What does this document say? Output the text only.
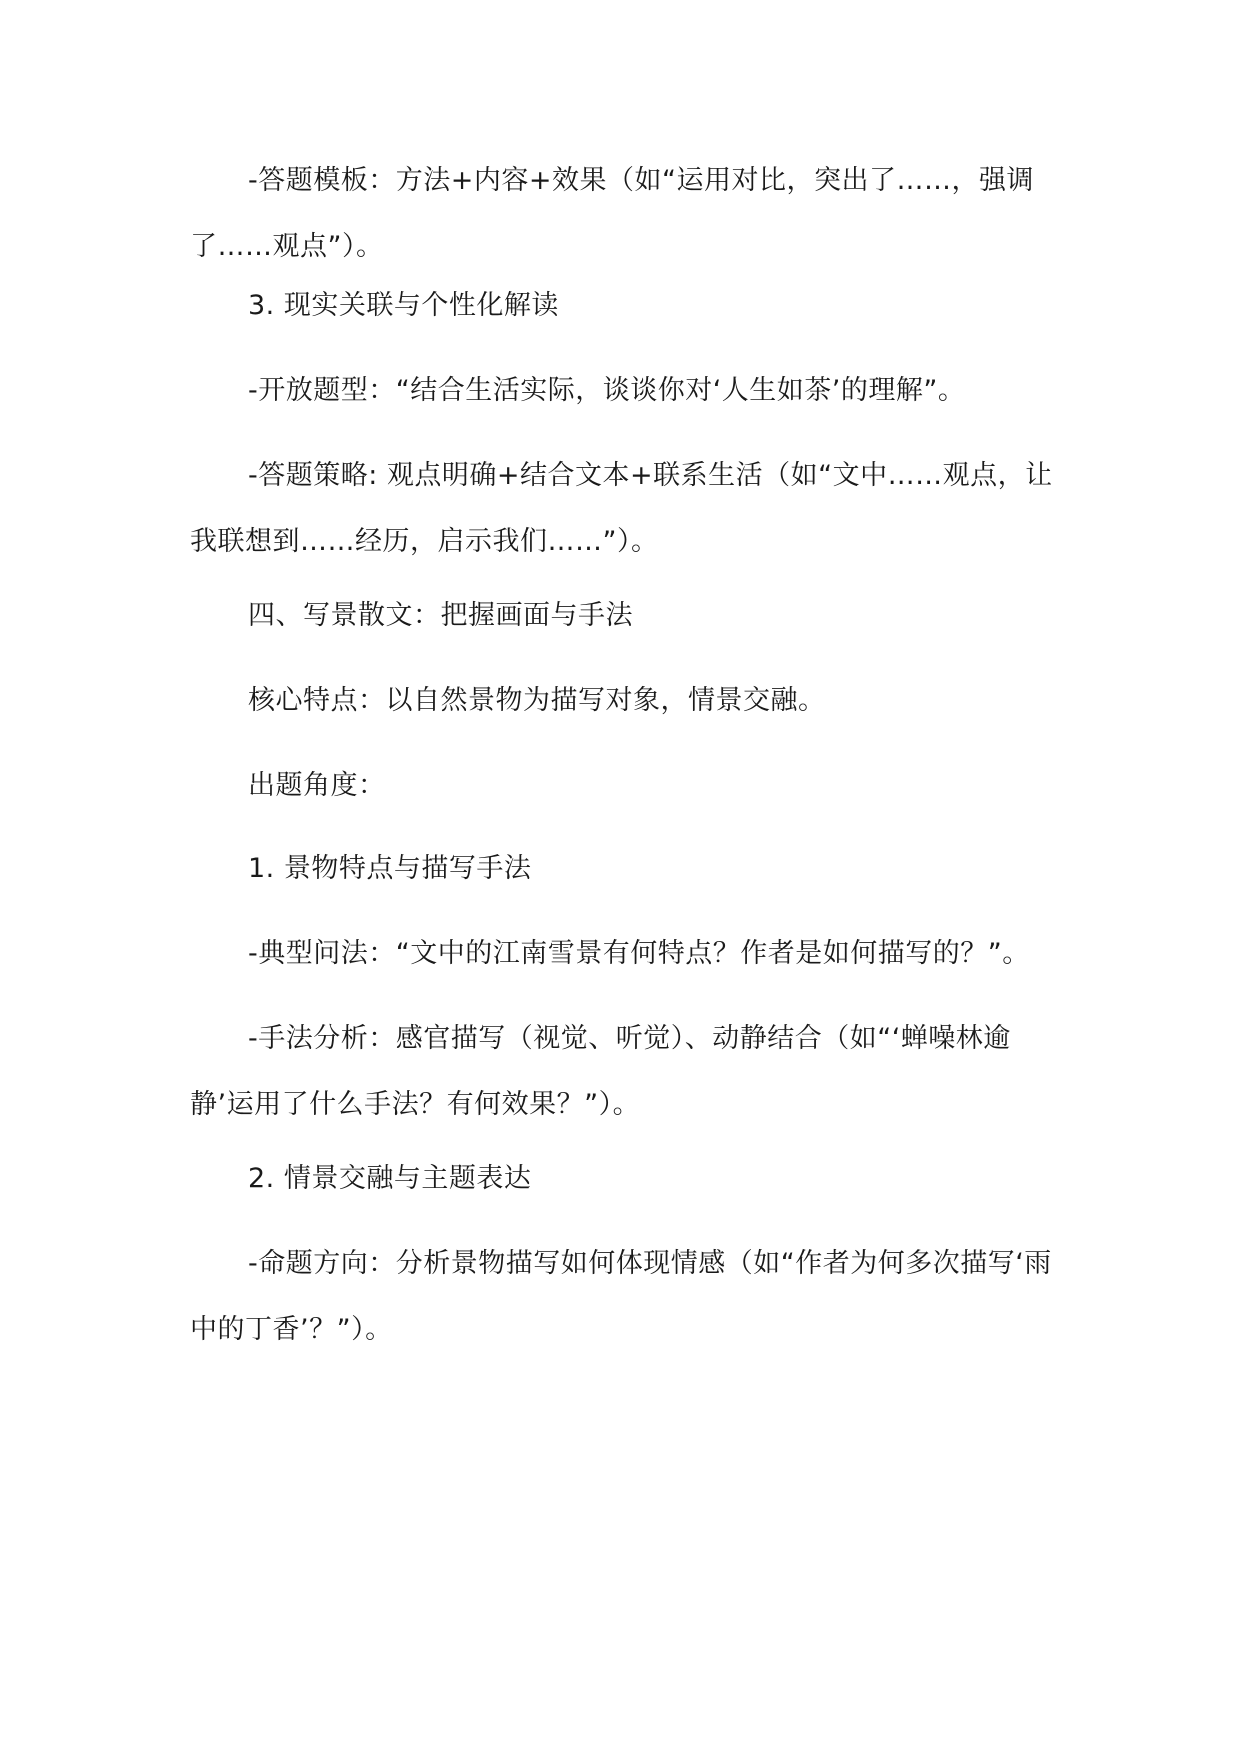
-答题模板：方法+内容+效果（如“运用对比，突出了……，强调了……观点”）。

3. 现实关联与个性化解读

-开放题型：“结合生活实际，谈谈你对‘人生如茶’的理解”。

-答题策略: 观点明确+结合文本+联系生活（如“文中……观点，让我联想到……经历，启示我们……”）。

四、写景散文：把握画面与手法

核心特点：以自然景物为描写对象，情景交融。

出题角度：

1. 景物特点与描写手法

-典型问法：“文中的江南雪景有何特点？作者是如何描写的？”。

-手法分析：感官描写（视觉、听觉）、动静结合（如“‘蝉噪林逾静’运用了什么手法？有何效果？”）。

2. 情景交融与主题表达

-命题方向：分析景物描写如何体现情感（如“作者为何多次描写‘雨中的丁香’？”）。
